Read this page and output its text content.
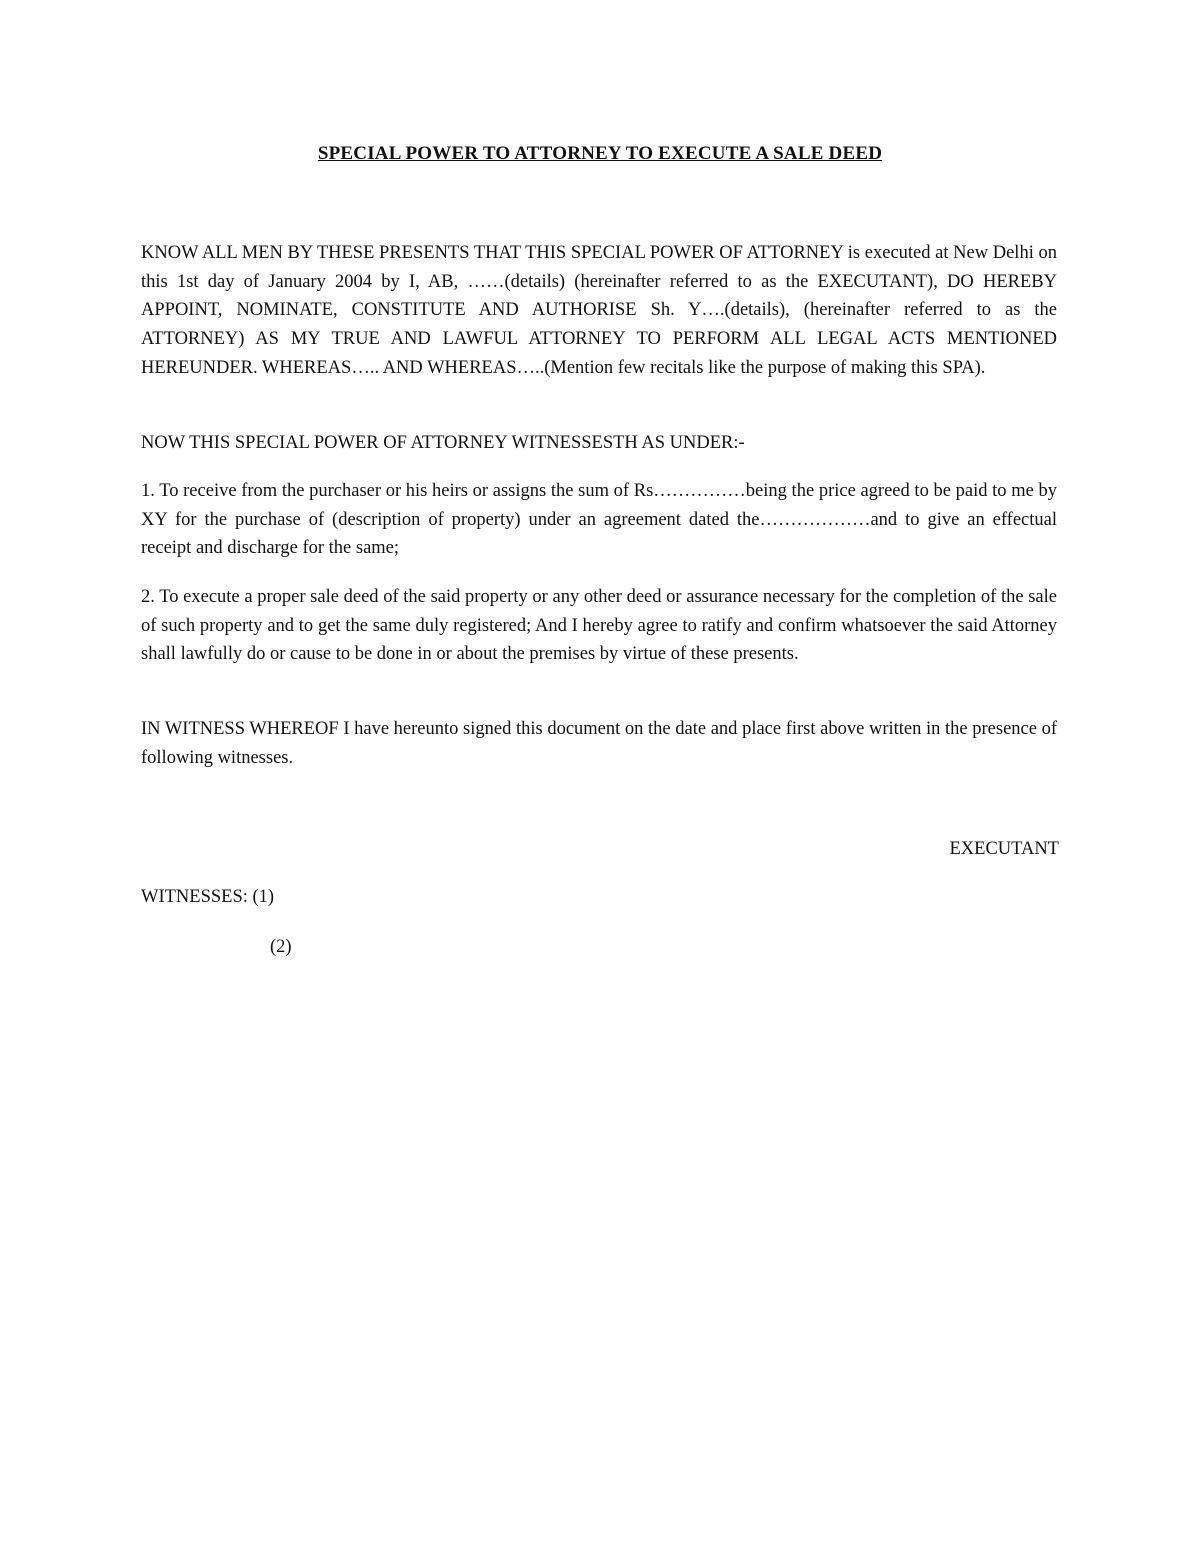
SPECIAL POWER TO ATTORNEY TO EXECUTE A SALE DEED

KNOW ALL MEN BY THESE PRESENTS THAT THIS SPECIAL POWER OF ATTORNEY is executed at New Delhi on this 1st day of January 2004 by I, AB, ……(details) (hereinafter referred to as the EXECUTANT), DO HEREBY APPOINT, NOMINATE, CONSTITUTE AND AUTHORISE Sh. Y….(details), (hereinafter referred to as the ATTORNEY) AS MY TRUE AND LAWFUL ATTORNEY TO PERFORM ALL LEGAL ACTS MENTIONED HEREUNDER. WHEREAS….. AND WHEREAS…..(Mention few recitals like the purpose of making this SPA).

NOW THIS SPECIAL POWER OF ATTORNEY WITNESSESTH AS UNDER:-

1. To receive from the purchaser or his heirs or assigns the sum of Rs……………being the price agreed to be paid to me by XY for the purchase of (description of property) under an agreement dated the………………and to give an effectual receipt and discharge for the same;

2. To execute a proper sale deed of the said property or any other deed or assurance necessary for the completion of the sale of such property and to get the same duly registered; And I hereby agree to ratify and confirm whatsoever the said Attorney shall lawfully do or cause to be done in or about the premises by virtue of these presents.

IN WITNESS WHEREOF I have hereunto signed this document on the date and place first above written in the presence of following witnesses.

EXECUTANT
WITNESSES: (1)
(2)
